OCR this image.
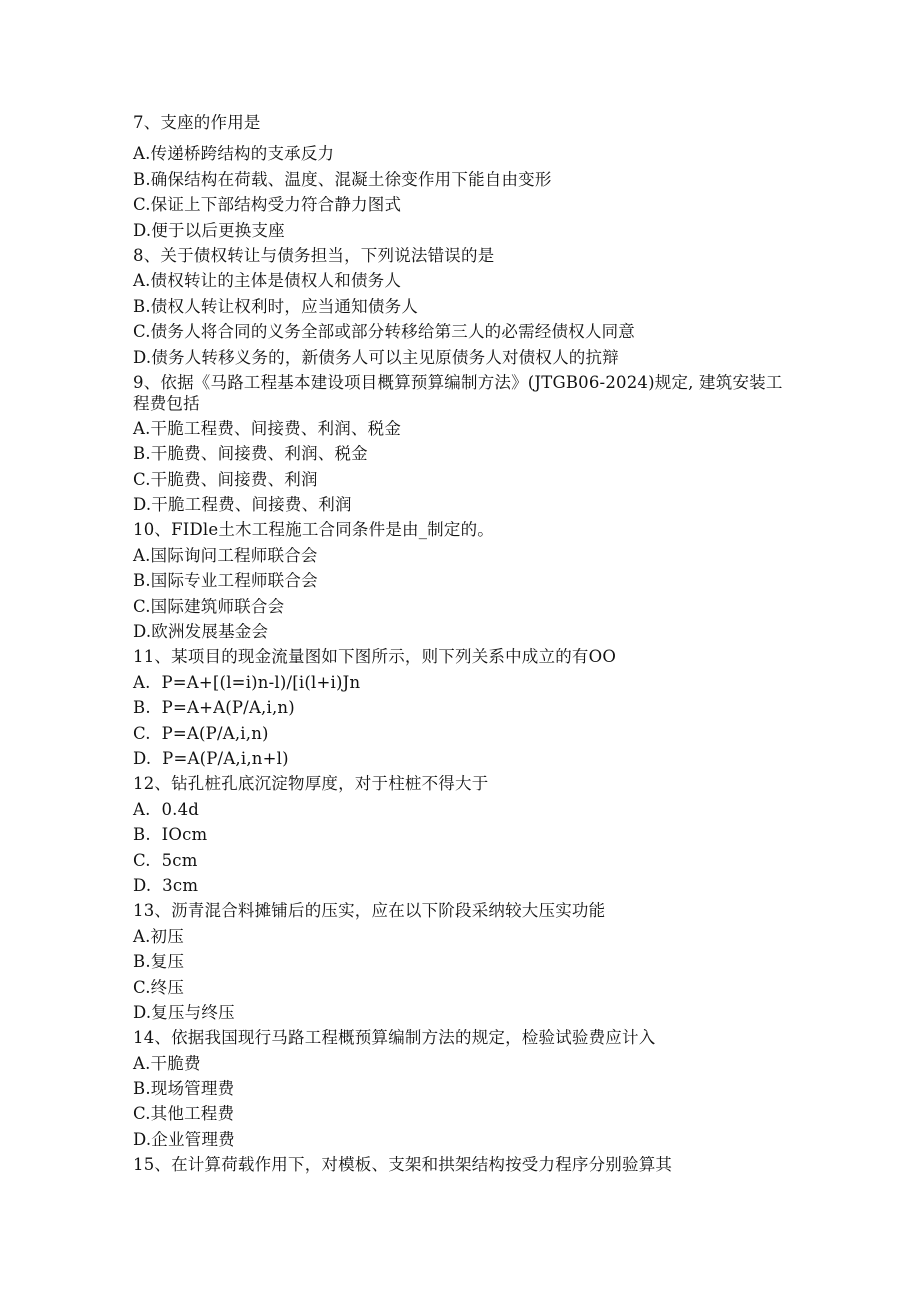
7、支座的作用是
A.传递桥跨结构的支承反力
B.确保结构在荷载、温度、混凝土徐变作用下能自由变形
C.保证上下部结构受力符合静力图式
D.便于以后更换支座
8、关于债权转让与债务担当，下列说法错误的是
A.债权转让的主体是债权人和债务人
B.债权人转让权利时，应当通知债务人
C.债务人将合同的义务全部或部分转移给第三人的必需经债权人同意
D.债务人转移义务的，新债务人可以主见原债务人对债权人的抗辩
9、依据《马路工程基本建设项目概算预算编制方法》(JTGB06-2024)规定, 建筑安装工程费包括
A.干脆工程费、间接费、利润、税金
B.干脆费、间接费、利润、税金
C.干脆费、间接费、利润
D.干脆工程费、间接费、利润
10、FIDle土木工程施工合同条件是由_制定的。
A.国际询问工程师联合会
B.国际专业工程师联合会
C.国际建筑师联合会
D.欧洲发展基金会
11、某项目的现金流量图如下图所示，则下列关系中成立的有OO
A.  P=A+[(l=i)n-l)/[i(l+i)Jn
B.  P=A+A(P/A,i,n)
C.  P=A(P/A,i,n)
D.  P=A(P/A,i,n+l)
12、钻孔桩孔底沉淀物厚度，对于柱桩不得大于
A.  0.4d
B.  IOcm
C.  5cm
D.  3cm
13、沥青混合料摊铺后的压实，应在以下阶段采纳较大压实功能
A.初压
B.复压
C.终压
D.复压与终压
14、依据我国现行马路工程概预算编制方法的规定，检验试验费应计入
A.干脆费
B.现场管理费
C.其他工程费
D.企业管理费
15、在计算荷载作用下，对模板、支架和拱架结构按受力程序分别验算其
